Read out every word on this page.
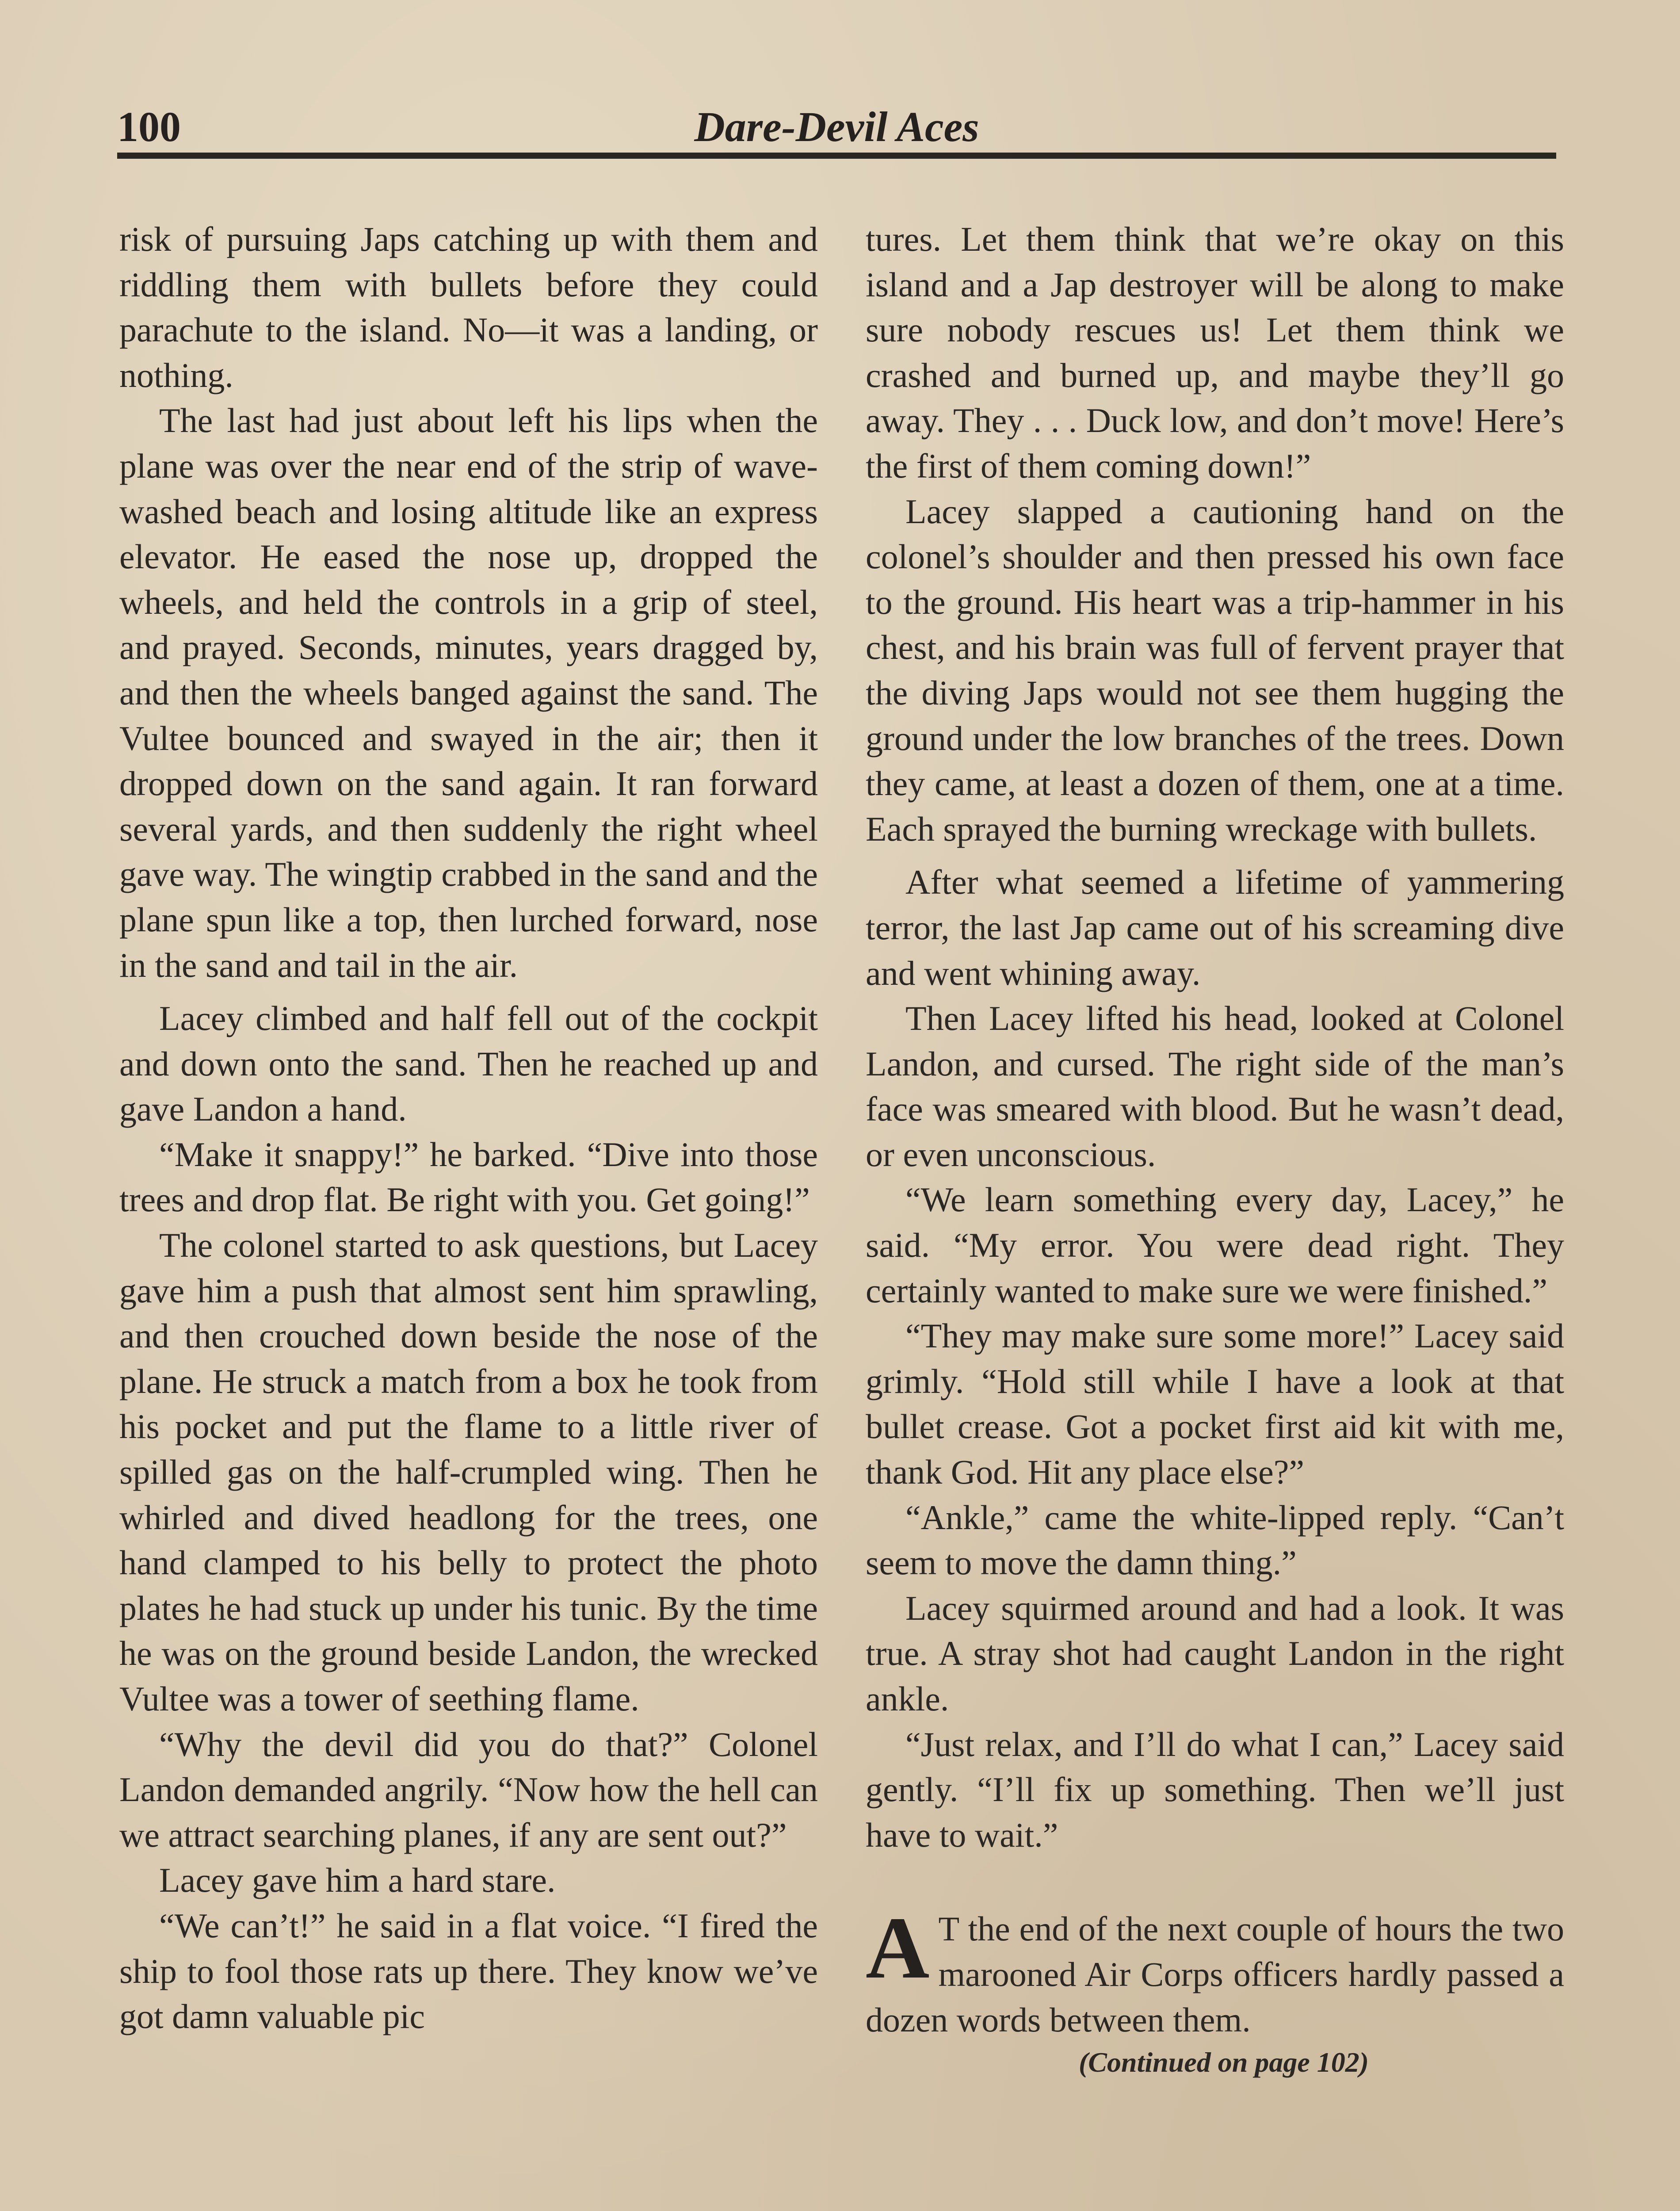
100	Dare-Devil Aces

risk of pursuing Japs catching up with them and riddling them with bullets before they could parachute to the island. No—it was a landing, or nothing.

The last had just about left his lips when the plane was over the near end of the strip of wave-washed beach and losing altitude like an express elevator. He eased the nose up, dropped the wheels, and held the controls in a grip of steel, and prayed. Seconds, minutes, years dragged by, and then the wheels banged against the sand. The Vultee bounced and swayed in the air; then it dropped down on the sand again. It ran forward several yards, and then suddenly the right wheel gave way. The wingtip crabbed in the sand and the plane spun like a top, then lurched forward, nose in the sand and tail in the air.

Lacey climbed and half fell out of the cockpit and down onto the sand. Then he reached up and gave Landon a hand.

“Make it snappy!” he barked. “Dive into those trees and drop flat. Be right with you. Get going!”

The colonel started to ask questions, but Lacey gave him a push that almost sent him sprawling, and then crouched down beside the nose of the plane. He struck a match from a box he took from his pocket and put the flame to a little river of spilled gas on the half-crumpled wing. Then he whirled and dived headlong for the trees, one hand clamped to his belly to protect the photo plates he had stuck up under his tunic. By the time he was on the ground beside Landon, the wrecked Vultee was a tower of seething flame.

“Why the devil did you do that?” Colonel Landon demanded angrily. “Now how the hell can we attract searching planes, if any are sent out?”

Lacey gave him a hard stare.

“We can’t!” he said in a flat voice. “I fired the ship to fool those rats up there. They know we’ve got damn valuable pic

tures. Let them think that we’re okay on this island and a Jap destroyer will be along to make sure nobody rescues us! Let them think we crashed and burned up, and maybe they’ll go away. They . . . Duck low, and don’t move! Here’s the first of them coming down!”

Lacey slapped a cautioning hand on the colonel’s shoulder and then pressed his own face to the ground. His heart was a trip-hammer in his chest, and his brain was full of fervent prayer that the diving Japs would not see them hugging the ground under the low branches of the trees. Down they came, at least a dozen of them, one at a time. Each sprayed the burning wreckage with bullets.

After what seemed a lifetime of yammering terror, the last Jap came out of his screaming dive and went whining away.

Then Lacey lifted his head, looked at Colonel Landon, and cursed. The right side of the man’s face was smeared with blood. But he wasn’t dead, or even unconscious.

“We learn something every day, Lacey,” he said. “My error. You were dead right. They certainly wanted to make sure we were finished.”

“They may make sure some more!” Lacey said grimly. “Hold still while I have a look at that bullet crease. Got a pocket first aid kit with me, thank God. Hit any place else?”

“Ankle,” came the white-lipped reply. “Can’t seem to move the damn thing.”

Lacey squirmed around and had a look. It was true. A stray shot had caught Landon in the right ankle.

“Just relax, and I’ll do what I can,” Lacey said gently. “I’ll fix up something. Then we’ll just have to wait.”

A T the end of the next couple of hours the two marooned Air Corps officers hardly passed a dozen words between them.

(Continued on page 102)
